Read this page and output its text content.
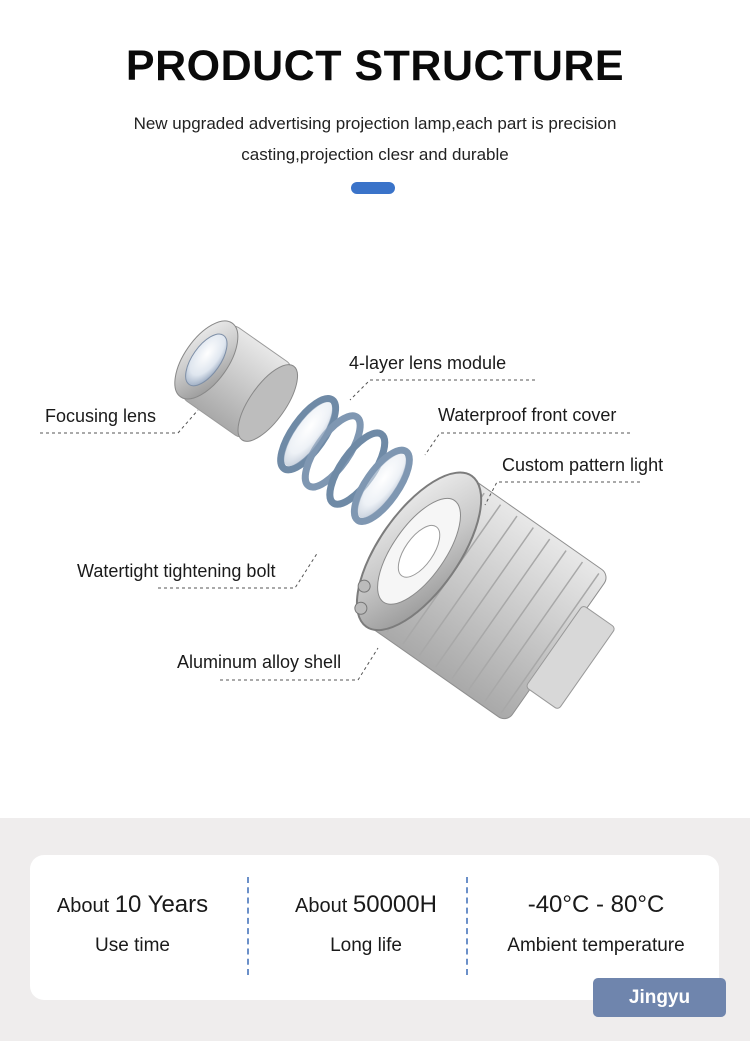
PRODUCT STRUCTURE
New upgraded advertising projection lamp,each part is precision
casting,projection clesr and durable
4-layer lens module
Focusing lens	Waterproof front cover
Custom pattern light
Watertight tightening bolt
Aluminum alloy shell
About 10 Years
Use time
About 50000H
Long life
-40°C - 80°C
Ambient temperature
Jingyu
